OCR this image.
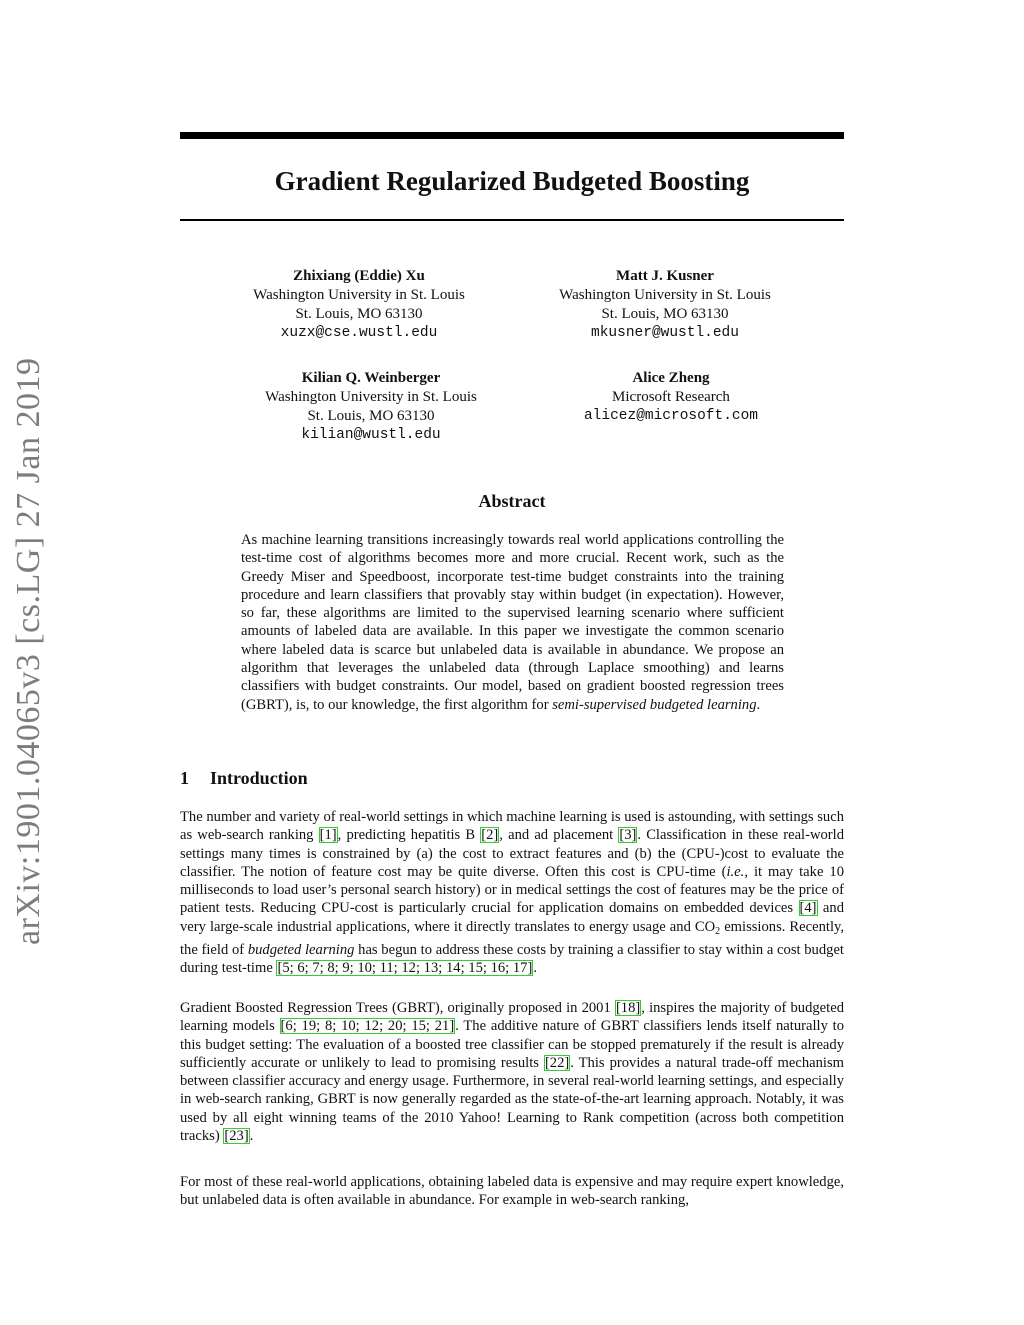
arXiv:1901.04065v3 [cs.LG] 27 Jan 2019
Gradient Regularized Budgeted Boosting
Zhixiang (Eddie) Xu
Washington University in St. Louis
St. Louis, MO 63130
xuzx@cse.wustl.edu
Matt J. Kusner
Washington University in St. Louis
St. Louis, MO 63130
mkusner@wustl.edu
Kilian Q. Weinberger
Washington University in St. Louis
St. Louis, MO 63130
kilian@wustl.edu
Alice Zheng
Microsoft Research
alicez@microsoft.com
Abstract

As machine learning transitions increasingly towards real world applications controlling the test-time cost of algorithms becomes more and more crucial. Recent work, such as the Greedy Miser and Speedboost, incorporate test-time budget constraints into the training procedure and learn classifiers that provably stay within budget (in expectation). However, so far, these algorithms are limited to the supervised learning scenario where sufficient amounts of labeled data are available. In this paper we investigate the common scenario where labeled data is scarce but unlabeled data is available in abundance. We propose an algorithm that leverages the unlabeled data (through Laplace smoothing) and learns classifiers with budget constraints. Our model, based on gradient boosted regression trees (GBRT), is, to our knowledge, the first algorithm for semi-supervised budgeted learning.

1 Introduction

The number and variety of real-world settings in which machine learning is used is astounding, with settings such as web-search ranking [1], predicting hepatitis B [2], and ad placement [3]. Classification in these real-world settings many times is constrained by (a) the cost to extract features and (b) the (CPU-)cost to evaluate the classifier. The notion of feature cost may be quite diverse. Often this cost is CPU-time (i.e., it may take 10 milliseconds to load user’s personal search history) or in medical settings the cost of features may be the price of patient tests. Reducing CPU-cost is particularly crucial for application domains on embedded devices [4] and very large-scale industrial applications, where it directly translates to energy usage and $CO_2$ emissions. Recently, the field of budgeted learning has begun to address these costs by training a classifier to stay within a cost budget during test-time [5; 6; 7; 8; 9; 10; 11; 12; 13; 14; 15; 16; 17].

Gradient Boosted Regression Trees (GBRT), originally proposed in 2001 [18], inspires the majority of budgeted learning models [6; 19; 8; 10; 12; 20; 15; 21]. The additive nature of GBRT classifiers lends itself naturally to this budget setting: The evaluation of a boosted tree classifier can be stopped prematurely if the result is already sufficiently accurate or unlikely to lead to promising results [22]. This provides a natural trade-off mechanism between classifier accuracy and energy usage. Furthermore, in several real-world learning settings, and especially in web-search ranking, GBRT is now generally regarded as the state-of-the-art learning approach. Notably, it was used by all eight winning teams of the 2010 Yahoo! Learning to Rank competition (across both competition tracks) [23].

For most of these real-world applications, obtaining labeled data is expensive and may require expert knowledge, but unlabeled data is often available in abundance. For example in web-search ranking,
